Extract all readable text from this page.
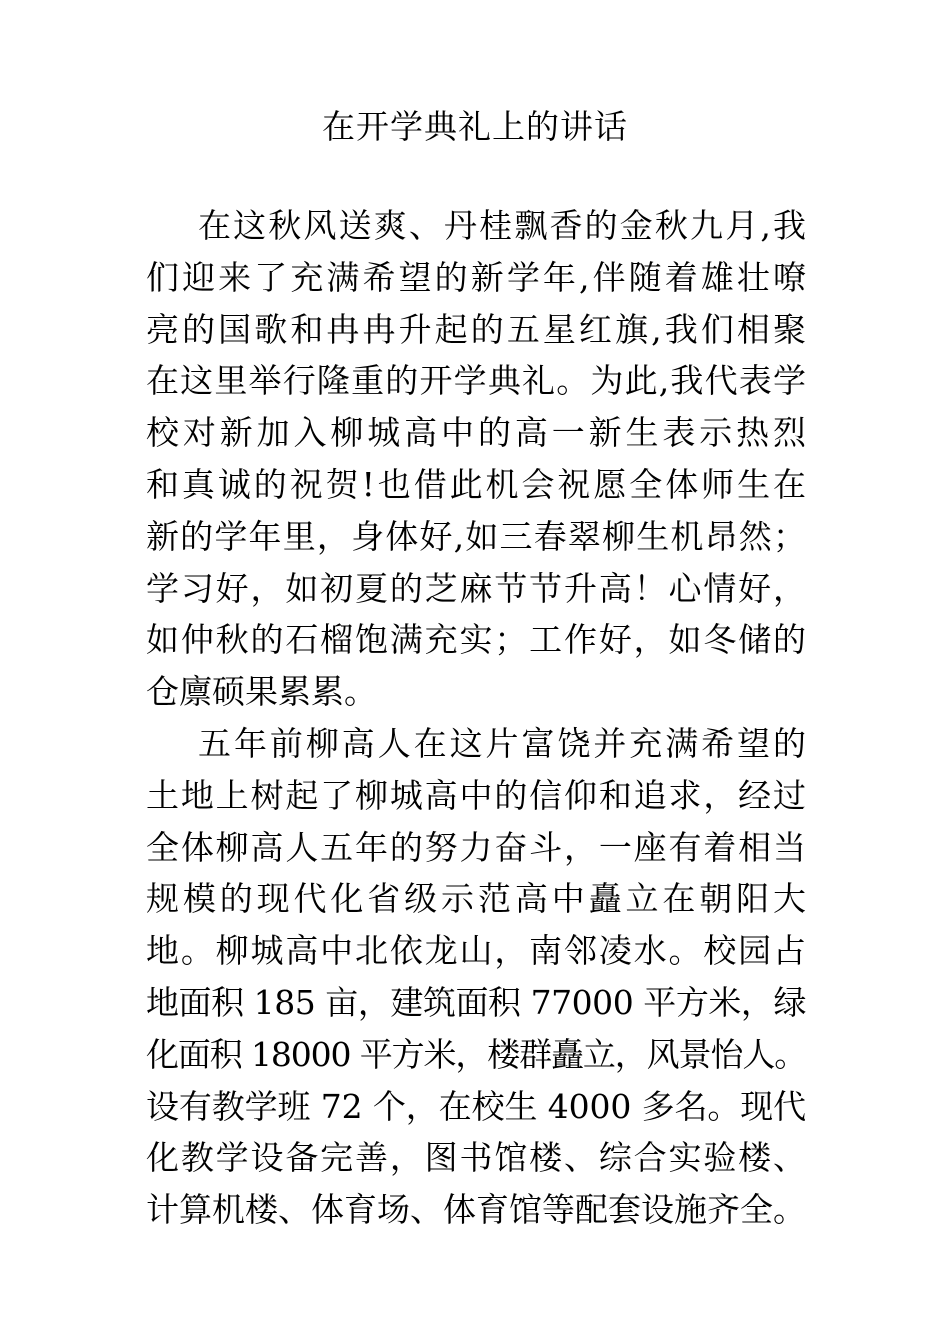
在开学典礼上的讲话
在这秋风送爽、丹桂飘香的金秋九月,我
们迎来了充满希望的新学年,伴随着雄壮嘹
亮的国歌和冉冉升起的五星红旗,我们相聚
在这里举行隆重的开学典礼。为此,我代表学
校对新加入柳城高中的高一新生表示热烈
和真诚的祝贺!也借此机会祝愿全体师生在
新的学年里，身体好,如三春翠柳生机昂然；
学习好，如初夏的芝麻节节升高！心情好，
如仲秋的石榴饱满充实；工作好，如冬储的
仓廪硕果累累。
五年前柳高人在这片富饶并充满希望的
土地上树起了柳城高中的信仰和追求，经过
全体柳高人五年的努力奋斗，一座有着相当
规模的现代化省级示范高中矗立在朝阳大
地。柳城高中北依龙山，南邻凌水。校园占
地面积 185 亩，建筑面积 77000 平方米，绿
化面积 18000 平方米，楼群矗立，风景怡人。
设有教学班 72 个，在校生 4000 多名。现代
化教学设备完善，图书馆楼、综合实验楼、
计算机楼、体育场、体育馆等配套设施齐全。
